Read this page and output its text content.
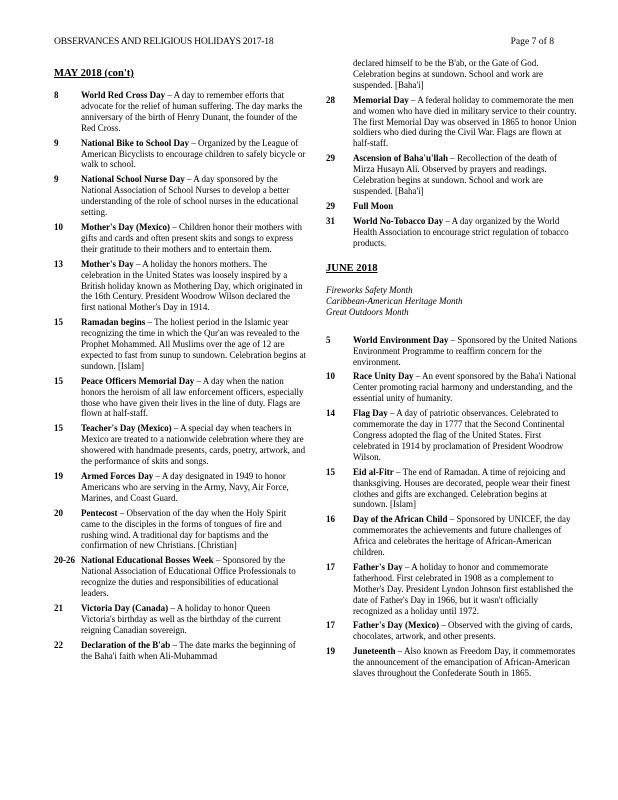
OBSERVANCES AND RELIGIOUS HOLIDAYS 2017-18	Page 7 of 8
MAY 2018 (con't)
8	World Red Cross Day – A day to remember efforts that advocate for the relief of human suffering. The day marks the anniversary of the birth of Henry Dunant, the founder of the Red Cross.
9	National Bike to School Day – Organized by the League of American Bicyclists to encourage children to safely bicycle or walk to school.
9	National School Nurse Day – A day sponsored by the National Association of School Nurses to develop a better understanding of the role of school nurses in the educational setting.
10	Mother's Day (Mexico) – Children honor their mothers with gifts and cards and often present skits and songs to express their gratitude to their mothers and to entertain them.
13	Mother's Day – A holiday the honors mothers. The celebration in the United States was loosely inspired by a British holiday known as Mothering Day, which originated in the 16th Century. President Woodrow Wilson declared the first national Mother's Day in 1914.
15	Ramadan begins – The holiest period in the Islamic year recognizing the time in which the Qur'an was revealed to the Prophet Mohammed. All Muslims over the age of 12 are expected to fast from sunup to sundown. Celebration begins at sundown. [Islam]
15	Peace Officers Memorial Day – A day when the nation honors the heroism of all law enforcement officers, especially those who have given their lives in the line of duty. Flags are flown at half-staff.
15	Teacher's Day (Mexico) – A special day when teachers in Mexico are treated to a nationwide celebration where they are showered with handmade presents, cards, poetry, artwork, and the performance of skits and songs.
19	Armed Forces Day – A day designated in 1949 to honor Americans who are serving in the Army, Navy, Air Force, Marines, and Coast Guard.
20	Pentecost – Observation of the day when the Holy Spirit came to the disciples in the forms of tongues of fire and rushing wind. A traditional day for baptisms and the confirmation of new Christians. [Christian]
20-26 National Educational Bosses Week – Sponsored by the National Association of Educational Office Professionals to recognize the duties and responsibilities of educational leaders.
21	Victoria Day (Canada) – A holiday to honor Queen Victoria's birthday as well as the birthday of the current reigning Canadian sovereign.
22	Declaration of the B'ab – The date marks the beginning of the Baha'i faith when Ali-Muhammad
declared himself to be the B'ab, or the Gate of God. Celebration begins at sundown. School and work are suspended. [Baha'i]
28	Memorial Day – A federal holiday to commemorate the men and women who have died in military service to their country. The first Memorial Day was observed in 1865 to honor Union soldiers who died during the Civil War. Flags are flown at half-staff.
29	Ascension of Baha'u'llah – Recollection of the death of Mirza Husayn Ali. Observed by prayers and readings. Celebration begins at sundown. School and work are suspended. [Baha'i]
29	Full Moon
31	World No-Tobacco Day – A day organized by the World Health Association to encourage strict regulation of tobacco products.
JUNE 2018
Fireworks Safety Month
Caribbean-American Heritage Month
Great Outdoors Month
5	World Environment Day – Sponsored by the United Nations Environment Programme to reaffirm concern for the environment.
10	Race Unity Day – An event sponsored by the Baha'i National Center promoting racial harmony and understanding, and the essential unity of humanity.
14	Flag Day – A day of patriotic observances. Celebrated to commemorate the day in 1777 that the Second Continental Congress adopted the flag of the United States. First celebrated in 1914 by proclamation of President Woodrow Wilson.
15	Eid al-Fitr – The end of Ramadan. A time of rejoicing and thanksgiving. Houses are decorated, people wear their finest clothes and gifts are exchanged. Celebration begins at sundown. [Islam]
16	Day of the African Child – Sponsored by UNICEF, the day commemorates the achievements and future challenges of Africa and celebrates the heritage of African-American children.
17	Father's Day – A holiday to honor and commemorate fatherhood. First celebrated in 1908 as a complement to Mother's Day. President Lyndon Johnson first established the date of Father's Day in 1966, but it wasn't officially recognized as a holiday until 1972.
17	Father's Day (Mexico) – Observed with the giving of cards, chocolates, artwork, and other presents.
19	Juneteenth – Also known as Freedom Day, it commemorates the announcement of the emancipation of African-American slaves throughout the Confederate South in 1865.
